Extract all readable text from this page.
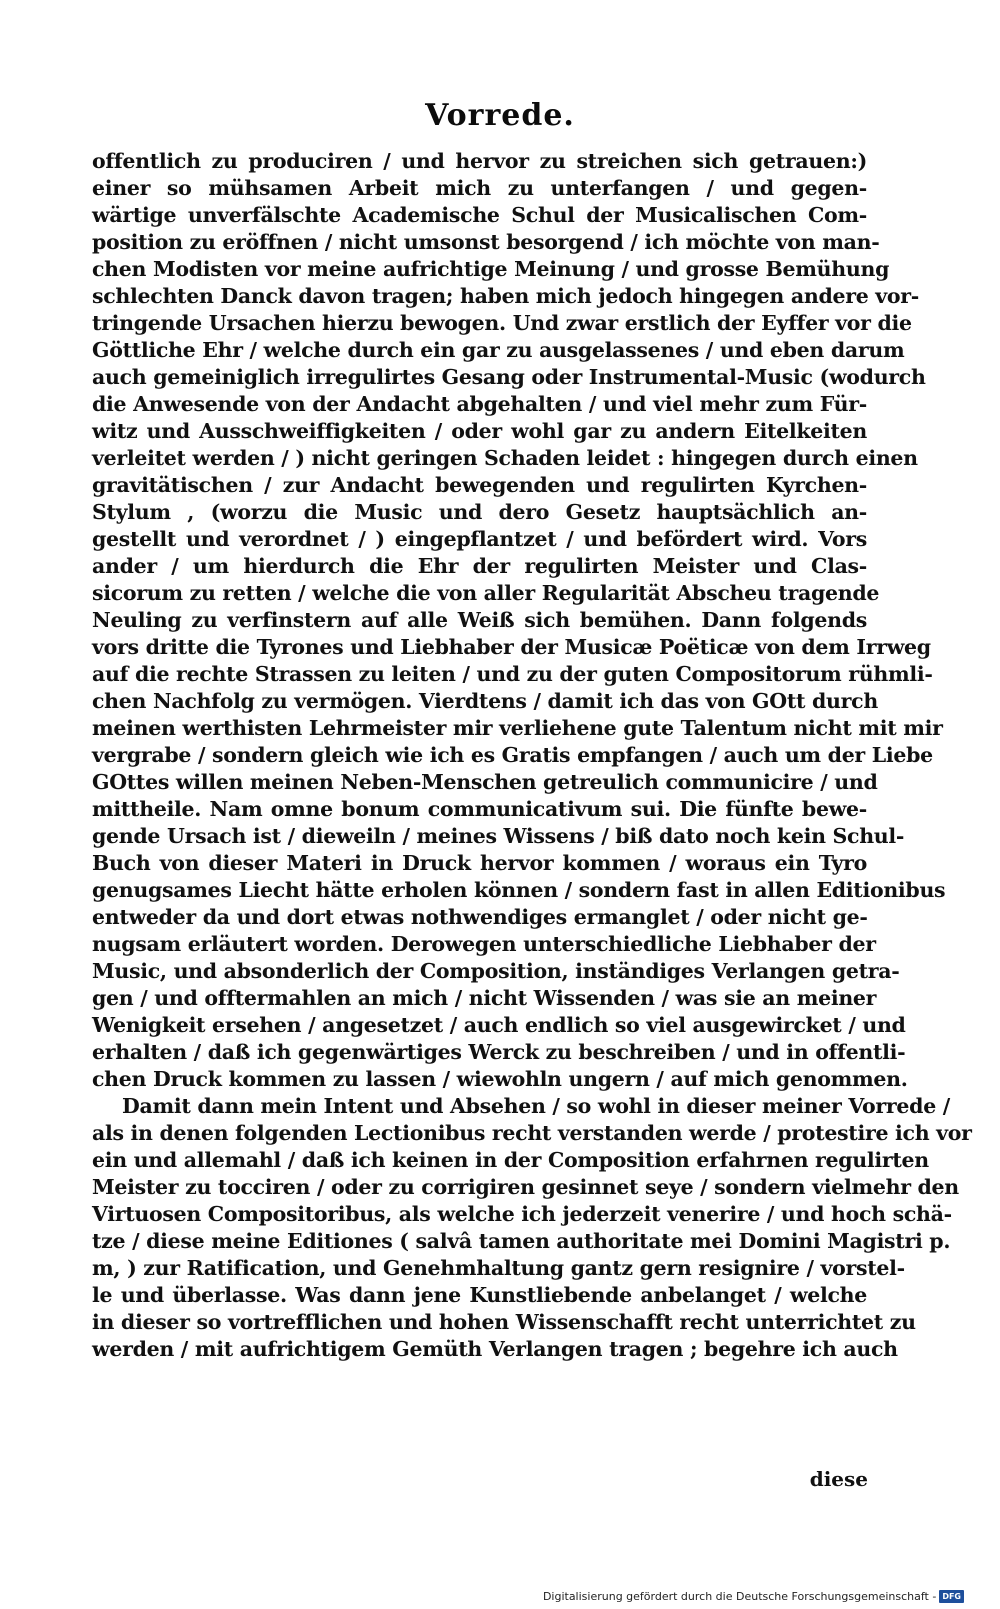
Vorrede.
offentlich zu produciren / und hervor zu streichen sich getrauen:)
einer so mühsamen Arbeit mich zu unterfangen / und gegen-
wärtige unverfälschte Academische Schul der Musicalischen Com-
position zu eröffnen / nicht umsonst besorgend / ich möchte von man-
chen Modisten vor meine aufrichtige Meinung / und grosse Bemühung
schlechten Danck davon tragen; haben mich jedoch hingegen andere vor-
tringende Ursachen hierzu bewogen. Und zwar erstlich der Eyffer vor die
Göttliche Ehr / welche durch ein gar zu ausgelassenes / und eben darum
auch gemeiniglich irregulirtes Gesang oder Instrumental-Music (wodurch
die Anwesende von der Andacht abgehalten / und viel mehr zum Für-
witz und Ausschweiffigkeiten / oder wohl gar zu andern Eitelkeiten
verleitet werden / ) nicht geringen Schaden leidet : hingegen durch einen
gravitätischen / zur Andacht bewegenden und regulirten Kyrchen-
Stylum , (worzu die Music und dero Gesetz hauptsächlich an-
gestellt und verordnet / ) eingepflantzet / und befördert wird. Vors
ander / um hierdurch die Ehr der regulirten Meister und Clas-
sicorum zu retten / welche die von aller Regularität Abscheu tragende
Neuling zu verfinstern auf alle Weiß sich bemühen. Dann folgends
vors dritte die Tyrones und Liebhaber der Musicæ Poëticæ von dem Irrweg
auf die rechte Strassen zu leiten / und zu der guten Compositorum rühmli-
chen Nachfolg zu vermögen. Vierdtens / damit ich das von GOtt durch
meinen werthisten Lehrmeister mir verliehene gute Talentum nicht mit mir
vergrabe / sondern gleich wie ich es Gratis empfangen / auch um der Liebe
GOttes willen meinen Neben-Menschen getreulich communicire / und
mittheile. Nam omne bonum communicativum sui. Die fünfte bewe-
gende Ursach ist / dieweiln / meines Wissens / biß dato noch kein Schul-
Buch von dieser Materi in Druck hervor kommen / woraus ein Tyro
genugsames Liecht hätte erholen können / sondern fast in allen Editionibus
entweder da und dort etwas nothwendiges ermanglet / oder nicht ge-
nugsam erläutert worden. Derowegen unterschiedliche Liebhaber der
Music, und absonderlich der Composition, inständiges Verlangen getra-
gen / und offtermahlen an mich / nicht Wissenden / was sie an meiner
Wenigkeit ersehen / angesetzet / auch endlich so viel ausgewircket / und
erhalten / daß ich gegenwärtiges Werck zu beschreiben / und in offentli-
chen Druck kommen zu lassen / wiewohln ungern / auf mich genommen.
Damit dann mein Intent und Absehen / so wohl in dieser meiner Vorrede /
als in denen folgenden Lectionibus recht verstanden werde / protestire ich vor
ein und allemahl / daß ich keinen in der Composition erfahrnen regulirten
Meister zu tocciren / oder zu corrigiren gesinnet seye / sondern vielmehr den
Virtuosen Compositoribus, als welche ich jederzeit venerire / und hoch schä-
tze / diese meine Editiones ( salvâ tamen authoritate mei Domini Magistri p.
m, ) zur Ratification, und Genehmhaltung gantz gern resignire / vorstel-
le und überlasse. Was dann jene Kunstliebende anbelanget / welche
in dieser so vortrefflichen und hohen Wissenschafft recht unterrichtet zu
werden / mit aufrichtigem Gemüth Verlangen tragen ; begehre ich auch
diese
Digitalisierung gefördert durch die Deutsche Forschungsgemeinschaft - DFG
